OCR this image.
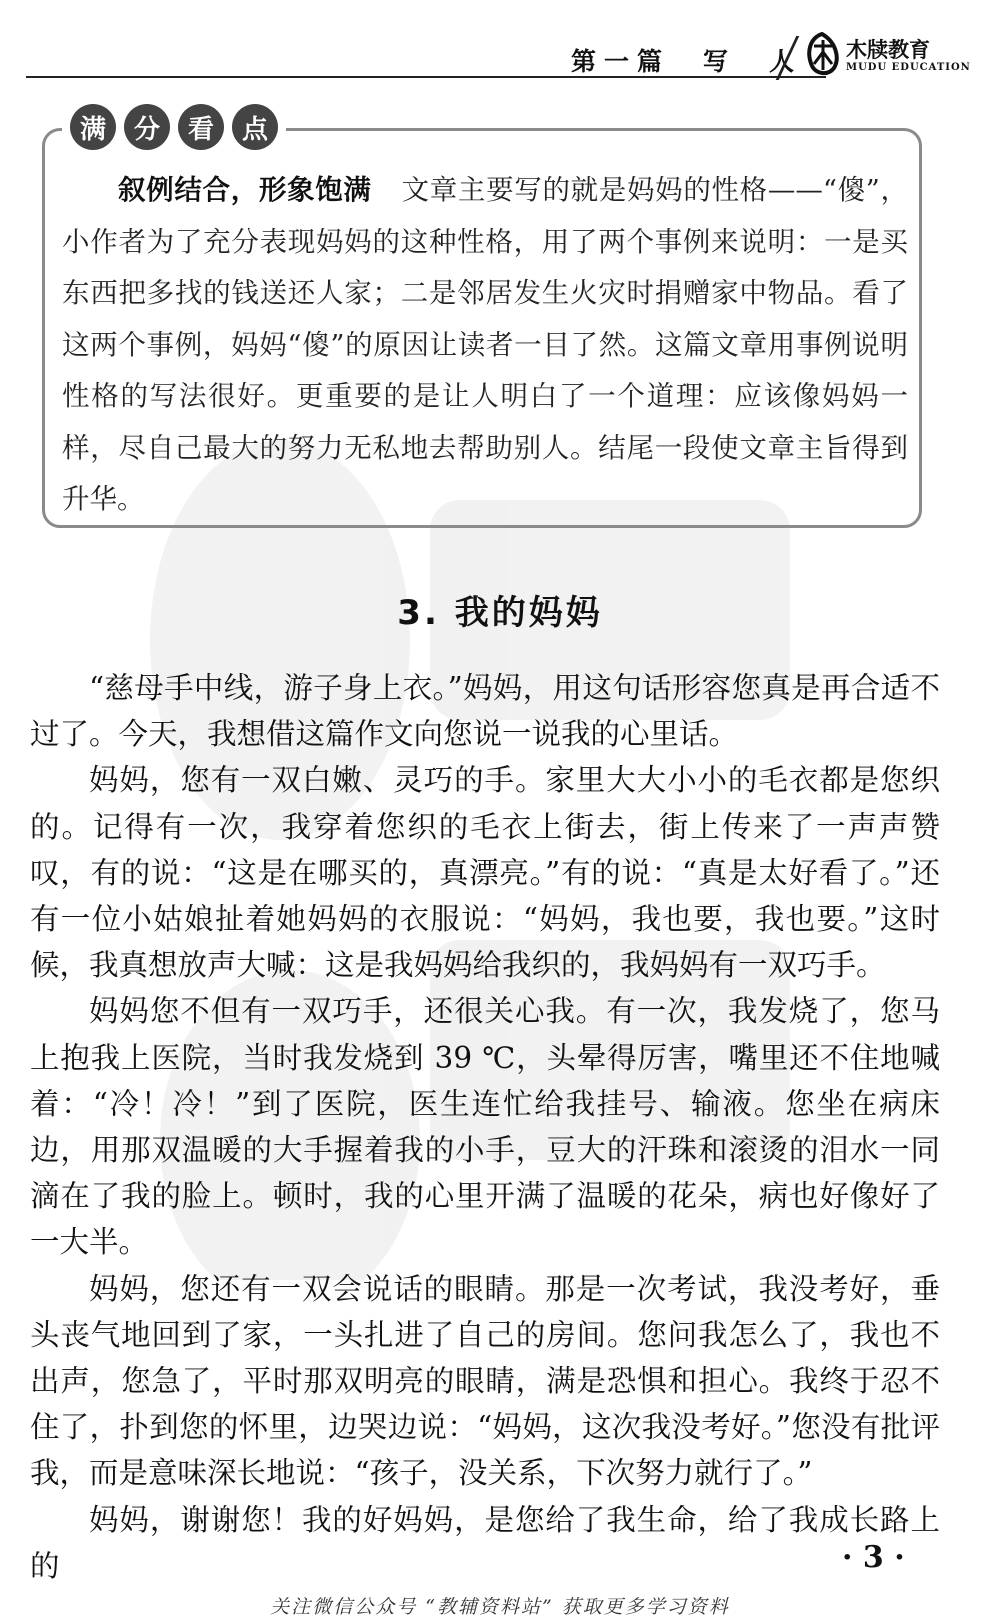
第一篇　写　人 木牍教育
MUDU EDUCATION
满	分	看	点
叙例结合，形象饱满 文章主要写的就是妈妈的性格——“傻”，小作者为了充分表现妈妈的这种性格，用了两个事例来说明：一是买东西把多找的钱送还人家；二是邻居发生火灾时捐赠家中物品。看了这两个事例，妈妈“傻”的原因让读者一目了然。这篇文章用事例说明性格的写法很好。更重要的是让人明白了一个道理：应该像妈妈一样，尽自己最大的努力无私地去帮助别人。结尾一段使文章主旨得到升华。
3. 我的妈妈

“慈母手中线，游子身上衣。”妈妈，用这句话形容您真是再合适不过了。今天，我想借这篇作文向您说一说我的心里话。

妈妈，您有一双白嫩、灵巧的手。家里大大小小的毛衣都是您织的。记得有一次，我穿着您织的毛衣上街去，街上传来了一声声赞叹，有的说：“这是在哪买的，真漂亮。”有的说：“真是太好看了。”还有一位小姑娘扯着她妈妈的衣服说：“妈妈，我也要，我也要。”这时候，我真想放声大喊：这是我妈妈给我织的，我妈妈有一双巧手。

妈妈您不但有一双巧手，还很关心我。有一次，我发烧了，您马上抱我上医院，当时我发烧到 39 ℃，头晕得厉害，嘴里还不住地喊着：“冷！冷！”到了医院，医生连忙给我挂号、输液。您坐在病床边，用那双温暖的大手握着我的小手，豆大的汗珠和滚烫的泪水一同滴在了我的脸上。顿时，我的心里开满了温暖的花朵，病也好像好了一大半。

妈妈，您还有一双会说话的眼睛。那是一次考试，我没考好，垂头丧气地回到了家，一头扎进了自己的房间。您问我怎么了，我也不出声，您急了，平时那双明亮的眼睛，满是恐惧和担心。我终于忍不住了，扑到您的怀里，边哭边说：“妈妈，这次我没考好。”您没有批评我，而是意味深长地说：“孩子，没关系，下次努力就行了。”

妈妈，谢谢您！我的好妈妈，是您给了我生命，给了我成长路上的	· 3 ·
关注微信公众号 “教辅资料站” 获取更多学习资料
